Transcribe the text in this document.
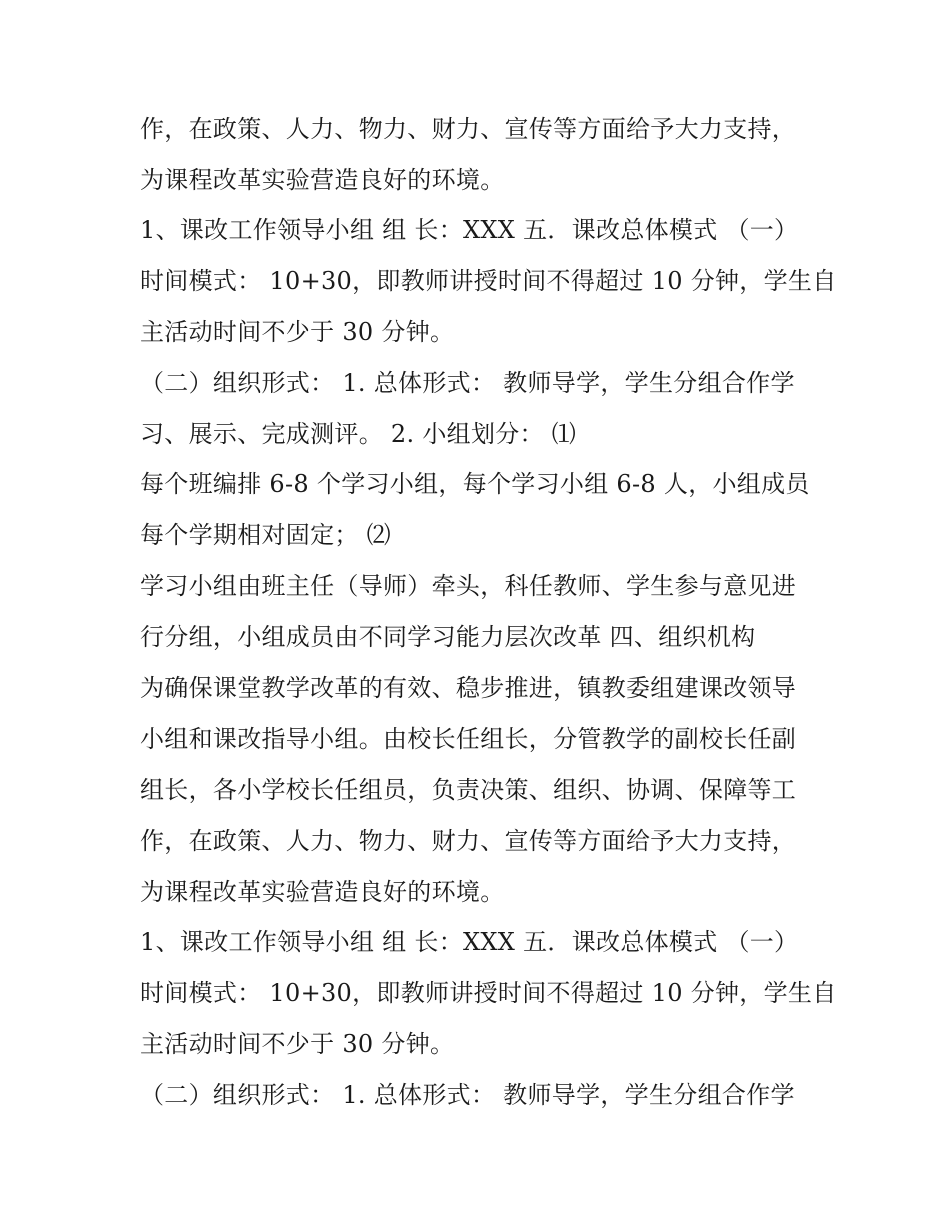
作，在政策、人力、物力、财力、宣传等方面给予大力支持，
为课程改革实验营造良好的环境。
1、课改工作领导小组 组 长：XXX 五．课改总体模式 （一）
时间模式： 10+30，即教师讲授时间不得超过 10 分钟，学生自
主活动时间不少于 30 分钟。
（二）组织形式： 1. 总体形式： 教师导学，学生分组合作学
习、展示、完成测评。 2. 小组划分： ⑴
每个班编排 6-8 个学习小组，每个学习小组 6-8 人，小组成员
每个学期相对固定； ⑵
学习小组由班主任（导师）牵头，科任教师、学生参与意见进
行分组，小组成员由不同学习能力层次改革 四、组织机构
为确保课堂教学改革的有效、稳步推进，镇教委组建课改领导
小组和课改指导小组。由校长任组长，分管教学的副校长任副
组长，各小学校长任组员，负责决策、组织、协调、保障等工
作，在政策、人力、物力、财力、宣传等方面给予大力支持，
为课程改革实验营造良好的环境。
1、课改工作领导小组 组 长：XXX 五．课改总体模式 （一）
时间模式： 10+30，即教师讲授时间不得超过 10 分钟，学生自
主活动时间不少于 30 分钟。
（二）组织形式： 1. 总体形式： 教师导学，学生分组合作学
